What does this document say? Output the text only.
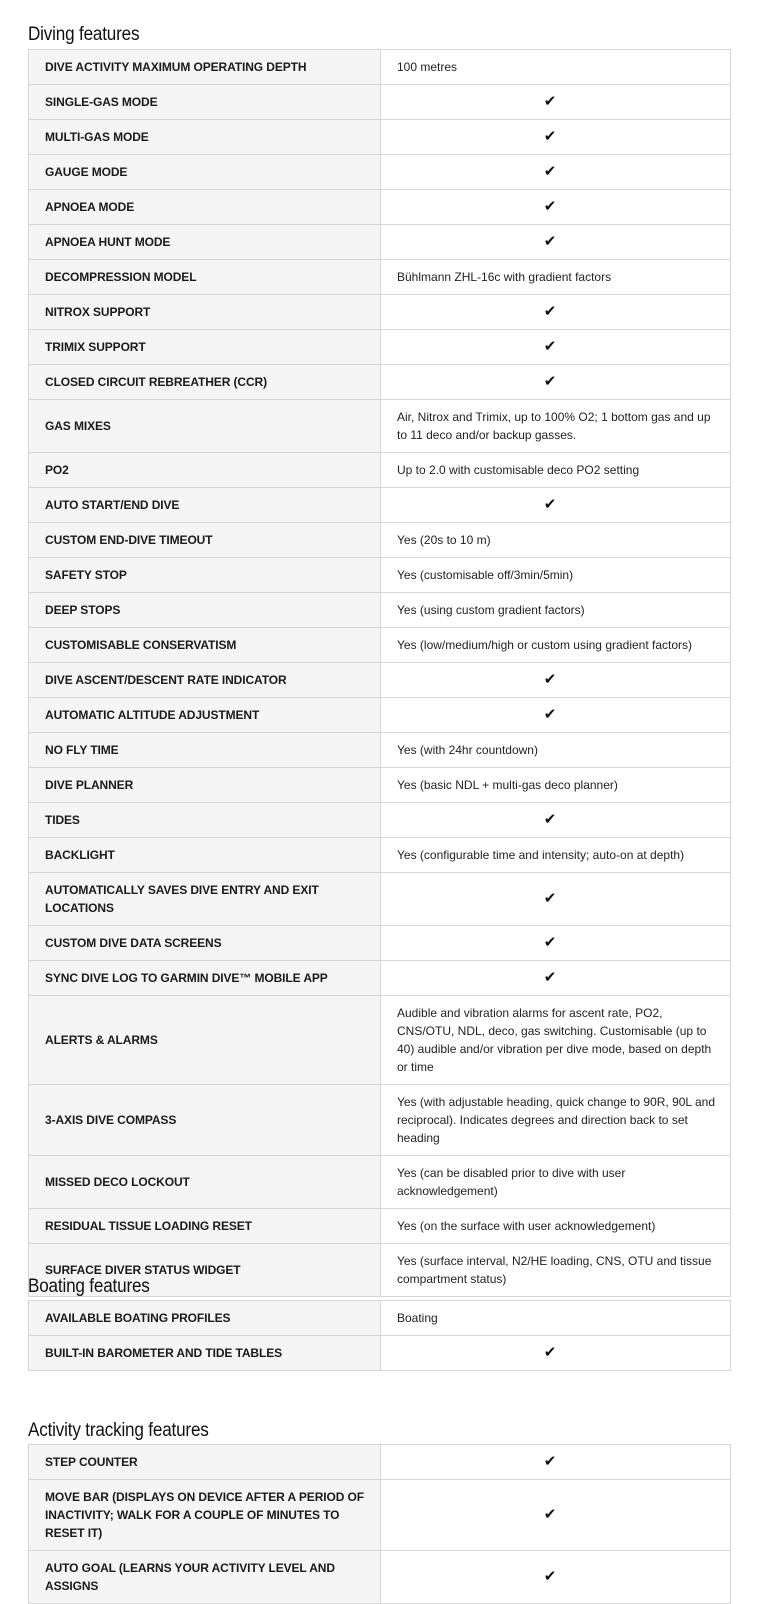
Diving features
DIVE ACTIVITY MAXIMUM OPERATING DEPTH	100 metres
SINGLE-GAS MODE	✔
MULTI-GAS MODE	✔
GAUGE MODE	✔
APNOEA MODE	✔
APNOEA HUNT MODE	✔
DECOMPRESSION MODEL	Bühlmann ZHL-16c with gradient factors
NITROX SUPPORT	✔
TRIMIX SUPPORT	✔
CLOSED CIRCUIT REBREATHER (CCR)	✔
GAS MIXES	Air, Nitrox and Trimix, up to 100% O2; 1 bottom gas and up to 11 deco and/or backup gasses.
PO2	Up to 2.0 with customisable deco PO2 setting
AUTO START/END DIVE	✔
CUSTOM END-DIVE TIMEOUT	Yes (20s to 10 m)
SAFETY STOP	Yes (customisable off/3min/5min)
DEEP STOPS	Yes (using custom gradient factors)
CUSTOMISABLE CONSERVATISM	Yes (low/medium/high or custom using gradient factors)
DIVE ASCENT/DESCENT RATE INDICATOR	✔
AUTOMATIC ALTITUDE ADJUSTMENT	✔
NO FLY TIME	Yes (with 24hr countdown)
DIVE PLANNER	Yes (basic NDL + multi-gas deco planner)
TIDES	✔
BACKLIGHT	Yes (configurable time and intensity; auto-on at depth)
AUTOMATICALLY SAVES DIVE ENTRY AND EXIT LOCATIONS	✔
CUSTOM DIVE DATA SCREENS	✔
SYNC DIVE LOG TO GARMIN DIVE™ MOBILE APP	✔
ALERTS & ALARMS	Audible and vibration alarms for ascent rate, PO2, CNS/OTU, NDL, deco, gas switching. Customisable (up to 40) audible and/or vibration per dive mode, based on depth or time
3-AXIS DIVE COMPASS	Yes (with adjustable heading, quick change to 90R, 90L and reciprocal). Indicates degrees and direction back to set heading
MISSED DECO LOCKOUT	Yes (can be disabled prior to dive with user acknowledgement)
RESIDUAL TISSUE LOADING RESET	Yes (on the surface with user acknowledgement)
SURFACE DIVER STATUS WIDGET	Yes (surface interval, N2/HE loading, CNS, OTU and tissue compartment status)
Boating features
AVAILABLE BOATING PROFILES	Boating
BUILT-IN BAROMETER AND TIDE TABLES	✔
Activity tracking features
STEP COUNTER	✔
MOVE BAR (DISPLAYS ON DEVICE AFTER A PERIOD OF INACTIVITY; WALK FOR A COUPLE OF MINUTES TO RESET IT)	✔
AUTO GOAL (LEARNS YOUR ACTIVITY LEVEL AND ASSIGNS	✔
